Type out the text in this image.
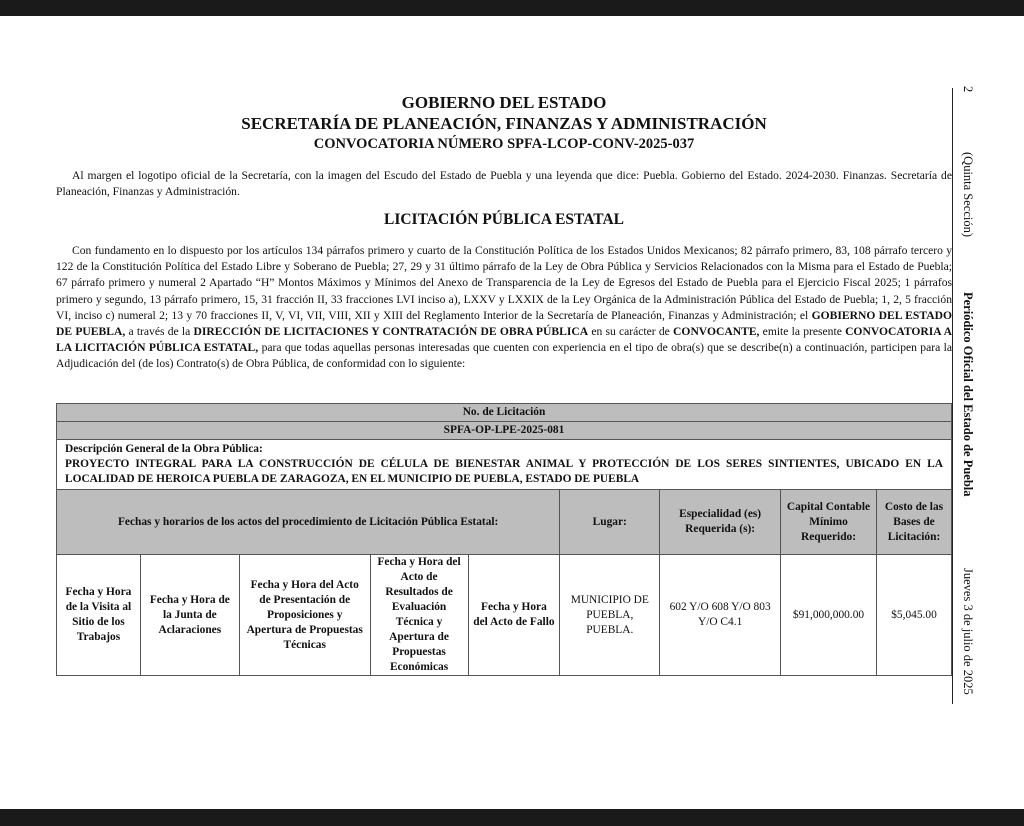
GOBIERNO DEL ESTADO
SECRETARÍA DE PLANEACIÓN, FINANZAS Y ADMINISTRACIÓN
CONVOCATORIA NÚMERO SPFA-LCOP-CONV-2025-037
Al margen el logotipo oficial de la Secretaría, con la imagen del Escudo del Estado de Puebla y una leyenda que dice: Puebla. Gobierno del Estado. 2024-2030. Finanzas. Secretaría de Planeación, Finanzas y Administración.
LICITACIÓN PÚBLICA ESTATAL
Con fundamento en lo dispuesto por los artículos 134 párrafos primero y cuarto de la Constitución Política de los Estados Unidos Mexicanos; 82 párrafo primero, 83, 108 párrafo tercero y 122 de la Constitución Política del Estado Libre y Soberano de Puebla; 27, 29 y 31 último párrafo de la Ley de Obra Pública y Servicios Relacionados con la Misma para el Estado de Puebla; 67 párrafo primero y numeral 2 Apartado “H” Montos Máximos y Mínimos del Anexo de Transparencia de la Ley de Egresos del Estado de Puebla para el Ejercicio Fiscal 2025; 1 párrafos primero y segundo, 13 párrafo primero, 15, 31 fracción II, 33 fracciones LVI inciso a), LXXV y LXXIX de la Ley Orgánica de la Administración Pública del Estado de Puebla; 1, 2, 5 fracción VI, inciso c) numeral 2; 13 y 70 fracciones II, V, VI, VII, VIII, XII y XIII del Reglamento Interior de la Secretaría de Planeación, Finanzas y Administración; el GOBIERNO DEL ESTADO DE PUEBLA, a través de la DIRECCIÓN DE LICITACIONES Y CONTRATACIÓN DE OBRA PÚBLICA en su carácter de CONVOCANTE, emite la presente CONVOCATORIA A LA LICITACIÓN PÚBLICA ESTATAL, para que todas aquellas personas interesadas que cuenten con experiencia en el tipo de obra(s) que se describe(n) a continuación, participen para la Adjudicación del (de los) Contrato(s) de Obra Pública, de conformidad con lo siguiente:
2
(Quinta Sección)
Periódico Oficial del Estado de Puebla
Jueves 3 de julio de 2025
No. de Licitación								
SPFA-OP-LPE-2025-081								

Descripción General de la Obra Pública:
PROYECTO INTEGRAL PARA LA CONSTRUCCIÓN DE CÉLULA DE BIENESTAR ANIMAL Y PROTECCIÓN DE LOS SERES SINTIENTES, UBICADO EN LA LOCALIDAD DE HEROICA PUEBLA DE ZARAGOZA, EN EL MUNICIPIO DE PUEBLA, ESTADO DE PUEBLA								

Fechas y horarios de los actos del procedimiento de Licitación Pública Estatal:					Lugar:	Especialidad (es) Requerida (s):	Capital Contable Mínimo Requerido:	Costo de las Bases de Licitación:
Fecha y Hora de la Visita al Sitio de los Trabajos	Fecha y Hora de la Junta de Aclaraciones	Fecha y Hora del Acto de Presentación de Proposiciones y Apertura de Propuestas Técnicas	Fecha y Hora del Acto de Resultados de Evaluación Técnica y Apertura de Propuestas Económicas	Fecha y Hora del Acto de Fallo	MUNICIPIO DE PUEBLA, PUEBLA.	602 Y/O 608 Y/O 803 Y/O C4.1	$91,000,000.00	$5,045.00
